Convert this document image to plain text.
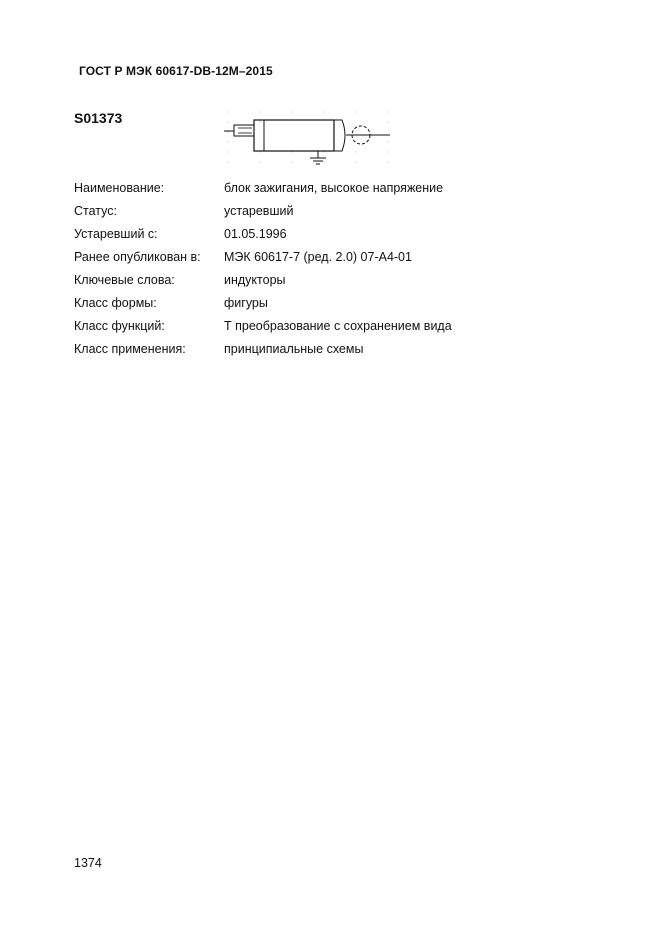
ГОСТ Р МЭК 60617-DB-12М–2015
S01373
Наименование:	блок зажигания, высокое напряжение
Статус:	устаревший
Устаревший с:	01.05.1996
Ранее опубликован в:	МЭК 60617-7 (ред. 2.0) 07-А4-01
Ключевые слова:	индукторы
Класс формы:	фигуры
Класс функций:	Т преобразование с сохранением вида
Класс применения:	принципиальные схемы
1374
